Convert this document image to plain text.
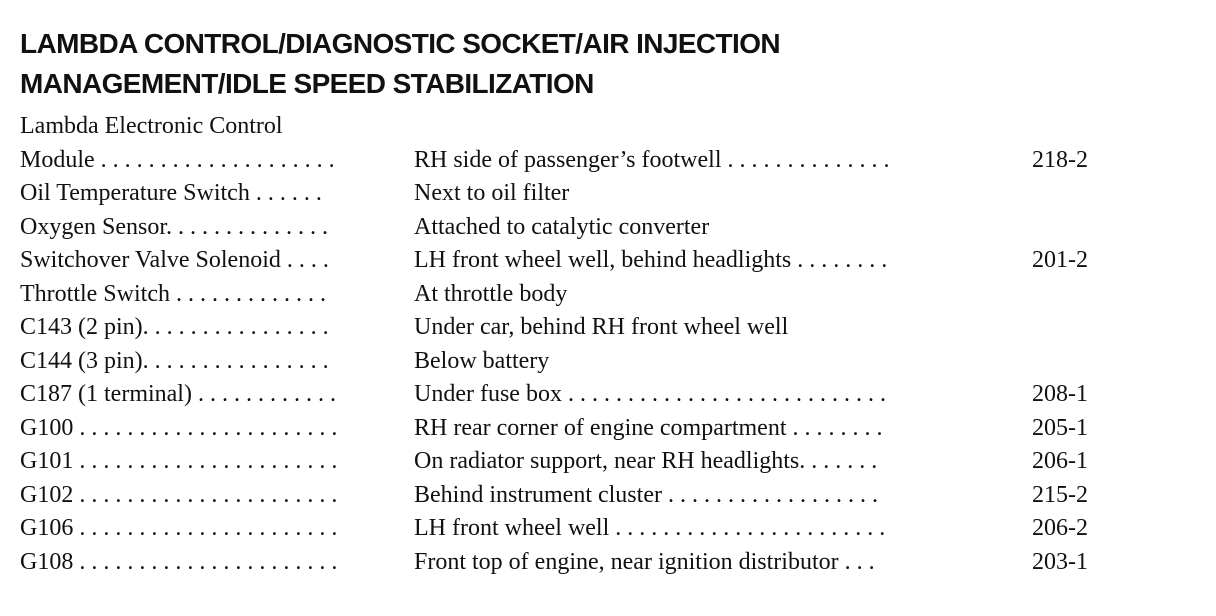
LAMBDA CONTROL/DIAGNOSTIC SOCKET/AIR INJECTION
MANAGEMENT/IDLE SPEED STABILIZATION
Lambda Electronic Control
Module . . . . . . . . . . . . . . . . . . . .	RH side of passenger’s footwell . . . . . . . . . . . . . .	218-2
Oil Temperature Switch . . . . . .	Next to oil filter
Oxygen Sensor. . . . . . . . . . . . . .	Attached to catalytic converter
Switchover Valve Solenoid . . . .	LH front wheel well, behind headlights . . . . . . . .	201-2
Throttle Switch . . . . . . . . . . . . .	At throttle body
C143 (2 pin). . . . . . . . . . . . . . . .	Under car, behind RH front wheel well
C144 (3 pin). . . . . . . . . . . . . . . .	Below battery
C187 (1 terminal) . . . . . . . . . . . .	Under fuse box . . . . . . . . . . . . . . . . . . . . . . . . . . .	208-1
G100 . . . . . . . . . . . . . . . . . . . . . .	RH rear corner of engine compartment . . . . . . . .	205-1
G101 . . . . . . . . . . . . . . . . . . . . . .	On radiator support, near RH headlights. . . . . . .	206-1
G102 . . . . . . . . . . . . . . . . . . . . . .	Behind instrument cluster . . . . . . . . . . . . . . . . . .	215-2
G106 . . . . . . . . . . . . . . . . . . . . . .	LH front wheel well . . . . . . . . . . . . . . . . . . . . . . .	206-2
G108 . . . . . . . . . . . . . . . . . . . . . .	Front top of engine, near ignition distributor . . .	203-1
